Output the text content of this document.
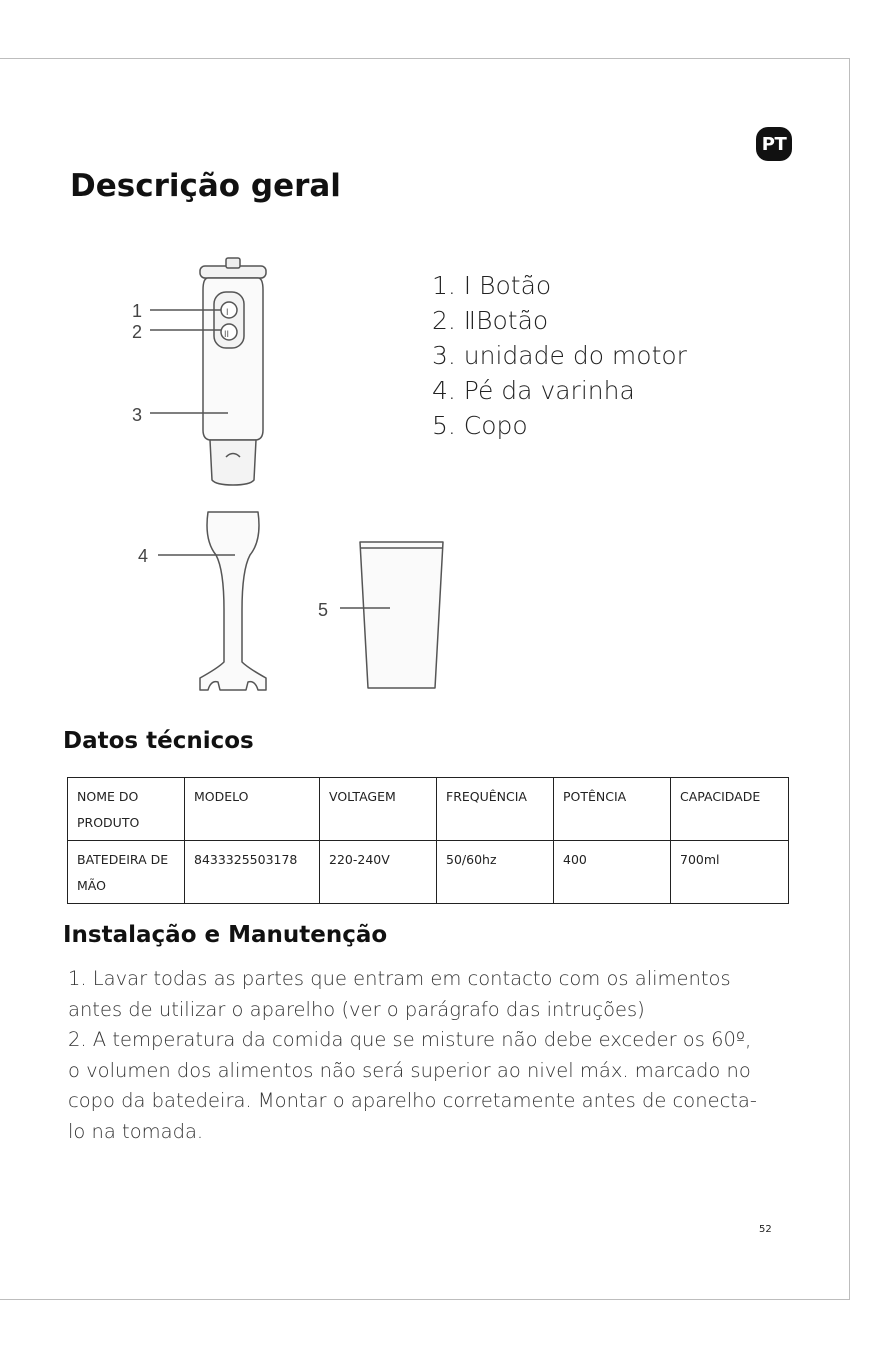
PT
Descrição geral
I
II
1
2
3
4
5
1. I Botão
2. ⅡBotão
3. unidade do motor
4. Pé da varinha
5. Copo
Datos técnicos
NOME DO PRODUTO	MODELO	VOLTAGEM	FREQUÊNCIA	POTÊNCIA	CAPACIDADE
BATEDEIRA DE MÃO	8433325503178	220-240V	50/60hz	400	700ml
Instalação e Manutenção

1. Lavar todas as partes que entram em contacto com os alimentos antes de utilizar o aparelho (ver o parágrafo das intruções)

2. A temperatura da comida que se misture não debe exceder os 60º, o volumen dos alimentos não será superior ao nivel máx. marcado no copo da batedeira. Montar o aparelho corretamente antes de conecta-lo na tomada.

52
